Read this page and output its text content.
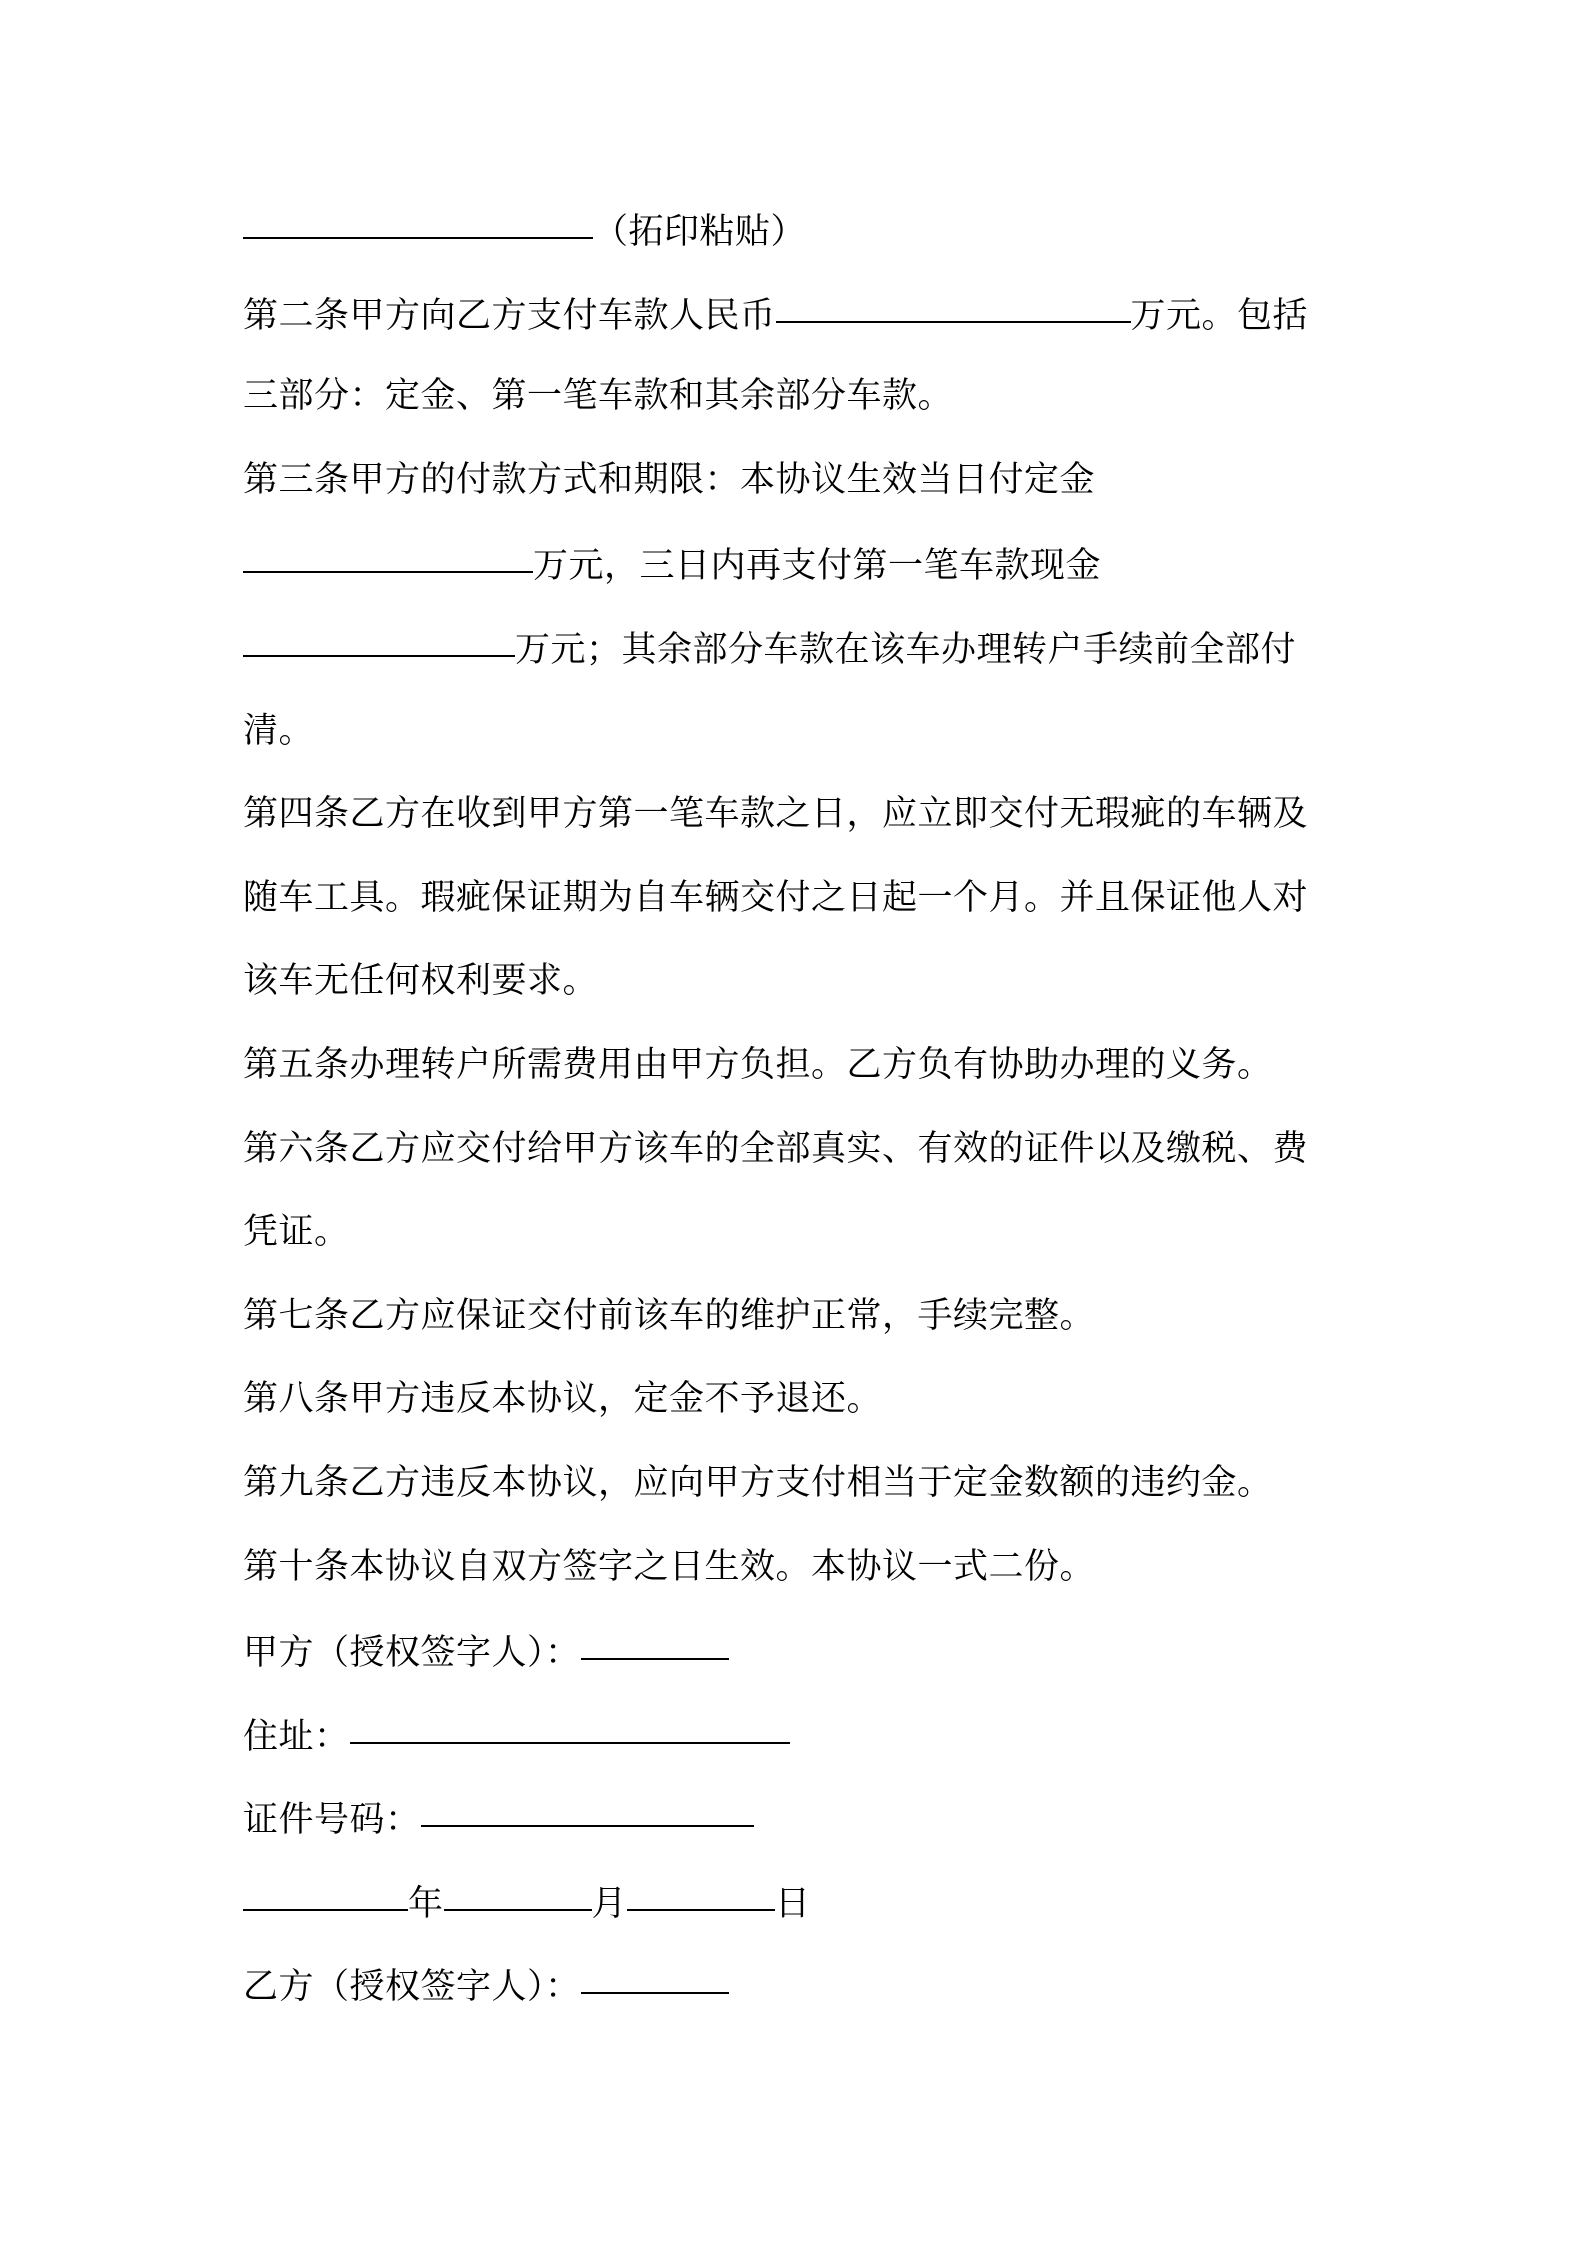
（拓印粘贴）
第二条甲方向乙方支付车款人民币	万元。包括
三部分：定金、第一笔车款和其余部分车款。
第三条甲方的付款方式和期限：本协议生效当日付定金
万元，三日内再支付第一笔车款现金
万元；其余部分车款在该车办理转户手续前全部付
清。
第四条乙方在收到甲方第一笔车款之日，应立即交付无瑕疵的车辆及
随车工具。瑕疵保证期为自车辆交付之日起一个月。并且保证他人对
该车无任何权利要求。
第五条办理转户所需费用由甲方负担。乙方负有协助办理的义务。
第六条乙方应交付给甲方该车的全部真实、有效的证件以及缴税、费
凭证。
第七条乙方应保证交付前该车的维护正常，手续完整。
第八条甲方违反本协议，定金不予退还。
第九条乙方违反本协议，应向甲方支付相当于定金数额的违约金。
第十条本协议自双方签字之日生效。本协议一式二份。
甲方（授权签字人）：
住址：
证件号码：
年	月	日
乙方（授权签字人）：
